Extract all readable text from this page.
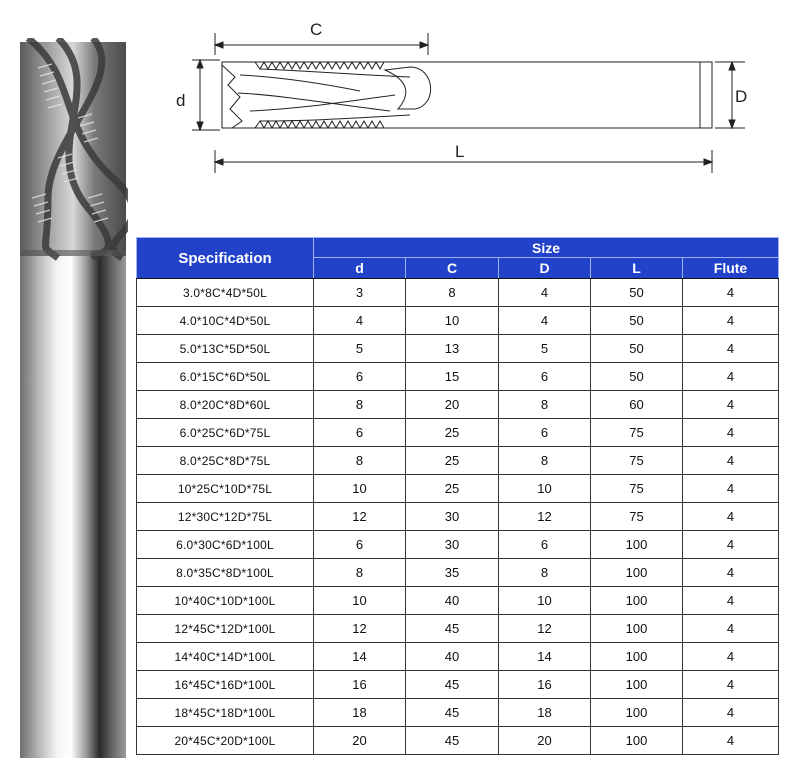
C
d	D
L
Specification	Size				
	d	C	D	L	Flute
3.0*8C*4D*50L	3	8	4	50	4
4.0*10C*4D*50L	4	10	4	50	4
5.0*13C*5D*50L	5	13	5	50	4
6.0*15C*6D*50L	6	15	6	50	4
8.0*20C*8D*60L	8	20	8	60	4
6.0*25C*6D*75L	6	25	6	75	4
8.0*25C*8D*75L	8	25	8	75	4
10*25C*10D*75L	10	25	10	75	4
12*30C*12D*75L	12	30	12	75	4
6.0*30C*6D*100L	6	30	6	100	4
8.0*35C*8D*100L	8	35	8	100	4
10*40C*10D*100L	10	40	10	100	4
12*45C*12D*100L	12	45	12	100	4
14*40C*14D*100L	14	40	14	100	4
16*45C*16D*100L	16	45	16	100	4
18*45C*18D*100L	18	45	18	100	4
20*45C*20D*100L	20	45	20	100	4
